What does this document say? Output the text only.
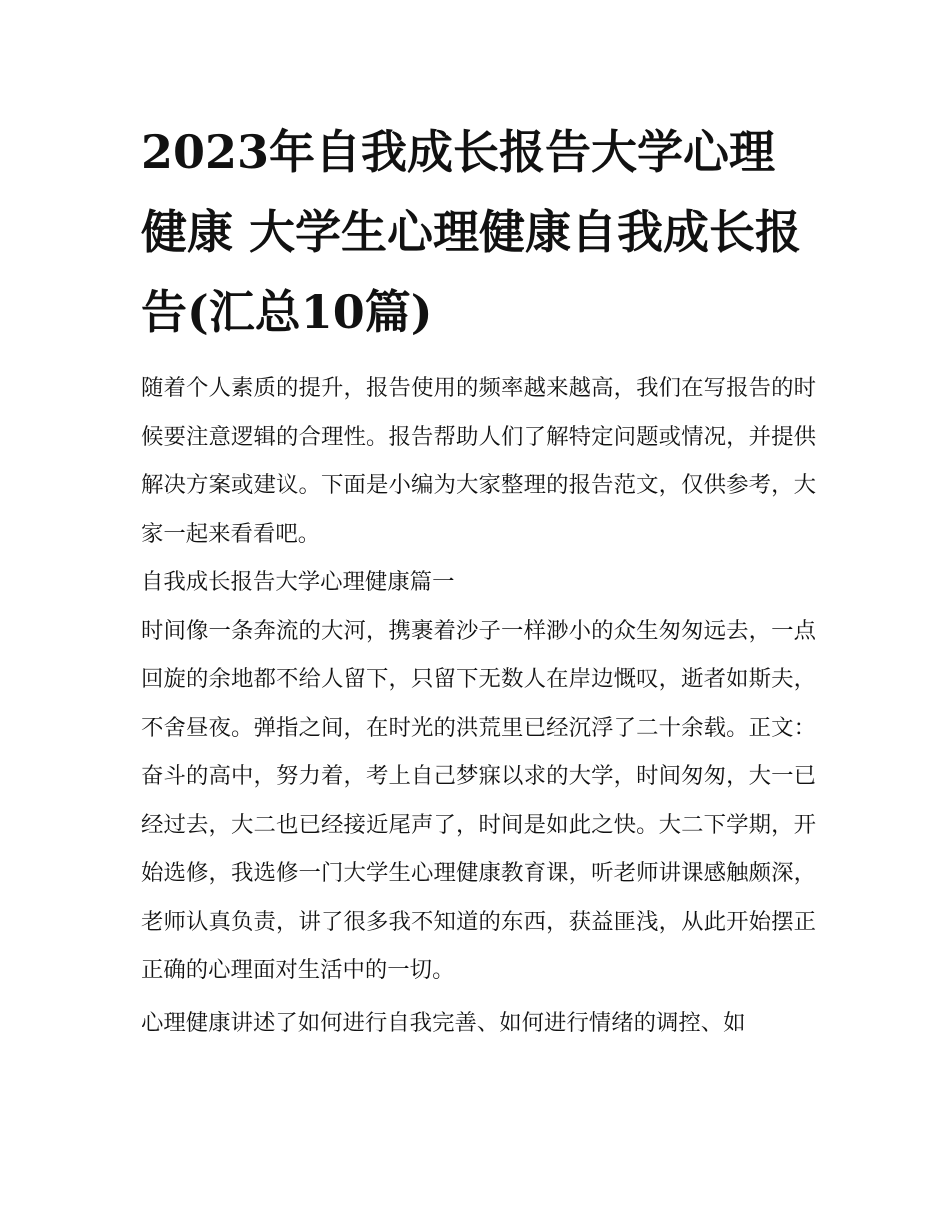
2023年自我成长报告大学心理健康 大学生心理健康自我成长报告(汇总10篇)

随着个人素质的提升，报告使用的频率越来越高，我们在写报告的时候要注意逻辑的合理性。报告帮助人们了解特定问题或情况，并提供解决方案或建议。下面是小编为大家整理的报告范文，仅供参考，大家一起来看看吧。

自我成长报告大学心理健康篇一

时间像一条奔流的大河，携裹着沙子一样渺小的众生匆匆远去，一点回旋的余地都不给人留下，只留下无数人在岸边慨叹，逝者如斯夫，不舍昼夜。弹指之间，在时光的洪荒里已经沉浮了二十余载。正文：奋斗的高中，努力着，考上自己梦寐以求的大学，时间匆匆，大一已经过去，大二也已经接近尾声了，时间是如此之快。大二下学期，开始选修，我选修一门大学生心理健康教育课，听老师讲课感触颇深，老师认真负责，讲了很多我不知道的东西，获益匪浅，从此开始摆正正确的心理面对生活中的一切。

心理健康讲述了如何进行自我完善、如何进行情绪的调控、如
